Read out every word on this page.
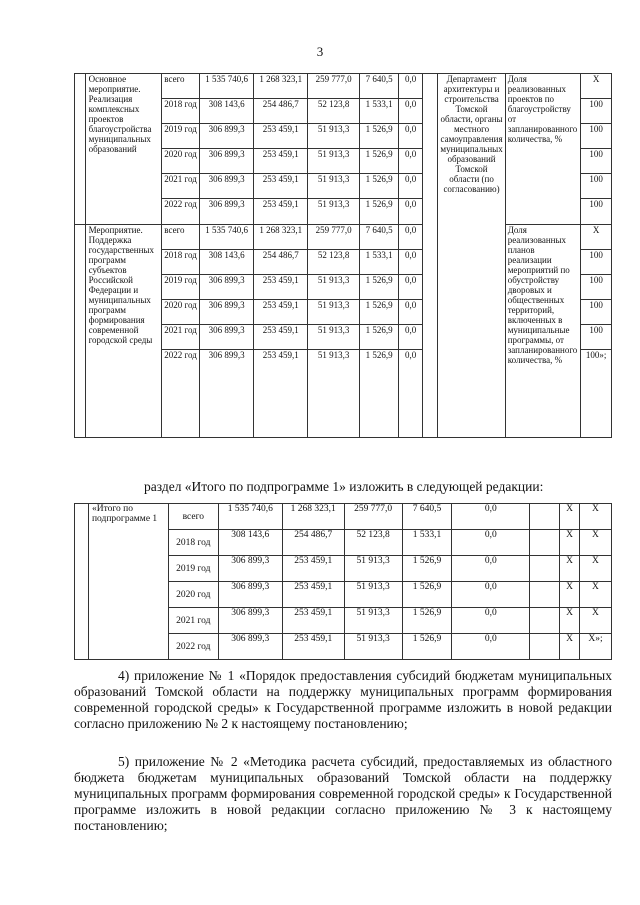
3
	Основное мероприятие. Реализация комплексных проектов благоустройства муниципальных образований	всего	1 535 740,6	1 268 323,1	259 777,0	7 640,5	0,0		Департамент архитектуры и строительства Томской области, органы местного самоуправления муниципальных образований Томской области (по согласованию)	Доля реализованных проектов по благоустройству от запланированного количества, %	X
		2018 год	308 143,6	254 486,7	52 123,8	1 533,1	0,0				100
		2019 год	306 899,3	253 459,1	51 913,3	1 526,9	0,0				100
		2020 год	306 899,3	253 459,1	51 913,3	1 526,9	0,0				100
		2021 год	306 899,3	253 459,1	51 913,3	1 526,9	0,0				100
		2022 год	306 899,3	253 459,1	51 913,3	1 526,9	0,0				100
	Мероприятие. Поддержка государственных программ субъектов Российской Федерации и муниципальных программ формирования современной городской среды	всего	1 535 740,6	1 268 323,1	259 777,0	7 640,5	0,0			Доля реализованных планов реализации мероприятий по обустройству дворовых и общественных территорий, включенных в муниципальные программы, от запланированного количества, %	X
		2018 год	308 143,6	254 486,7	52 123,8	1 533,1	0,0				100
		2019 год	306 899,3	253 459,1	51 913,3	1 526,9	0,0				100
		2020 год	306 899,3	253 459,1	51 913,3	1 526,9	0,0				100
		2021 год	306 899,3	253 459,1	51 913,3	1 526,9	0,0				100
		2022 год	306 899,3	253 459,1	51 913,3	1 526,9	0,0				100»;
раздел «Итого по подпрограмме 1» изложить в следующей редакции:
	«Итого по подпрограмме 1	всего	1 535 740,6	1 268 323,1	259 777,0	7 640,5	0,0		X	X
		2018 год	308 143,6	254 486,7	52 123,8	1 533,1	0,0		X	X
		2019 год	306 899,3	253 459,1	51 913,3	1 526,9	0,0		X	X
		2020 год	306 899,3	253 459,1	51 913,3	1 526,9	0,0		X	X
		2021 год	306 899,3	253 459,1	51 913,3	1 526,9	0,0		X	X
		2022 год	306 899,3	253 459,1	51 913,3	1 526,9	0,0		X	X»;
4) приложение № 1 «Порядок предоставления субсидий бюджетам муниципальных образований Томской области на поддержку муниципальных программ формирования современной городской среды» к Государственной программе изложить в новой редакции согласно приложению № 2 к настоящему постановлению;
5) приложение № 2 «Методика расчета субсидий, предоставляемых из областного бюджета бюджетам муниципальных образований Томской области на поддержку муниципальных программ формирования современной городской среды» к Государственной программе изложить в новой редакции согласно приложению № 3 к настоящему постановлению;
